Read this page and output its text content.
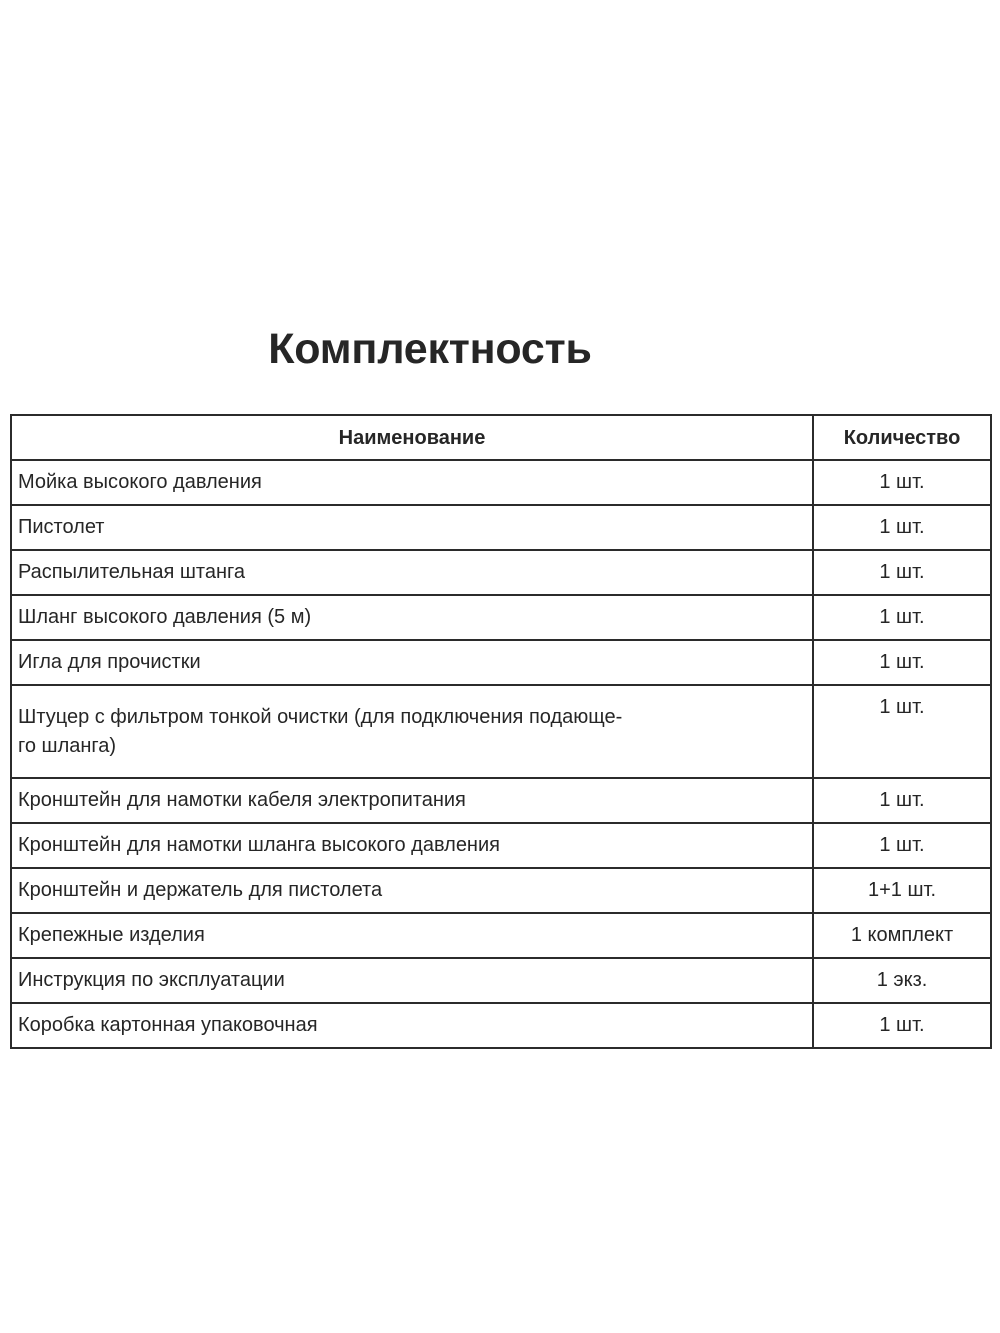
Комплектность
Наименование	Количество
Мойка высокого давления	1 шт.
Пистолет	1 шт.
Распылительная штанга	1 шт.
Шланг высокого давления (5 м)	1 шт.
Игла для прочистки	1 шт.

Штуцер с фильтром тонкой очистки (для подключения подающе-
го шланга)	1 шт.
Кронштейн для намотки кабеля электропитания	1 шт.
Кронштейн для намотки шланга высокого давления	1 шт.
Кронштейн и держатель для пистолета	1+1 шт.
Крепежные изделия	1 комплект
Инструкция по эксплуатации	1 экз.
Коробка картонная упаковочная	1 шт.
